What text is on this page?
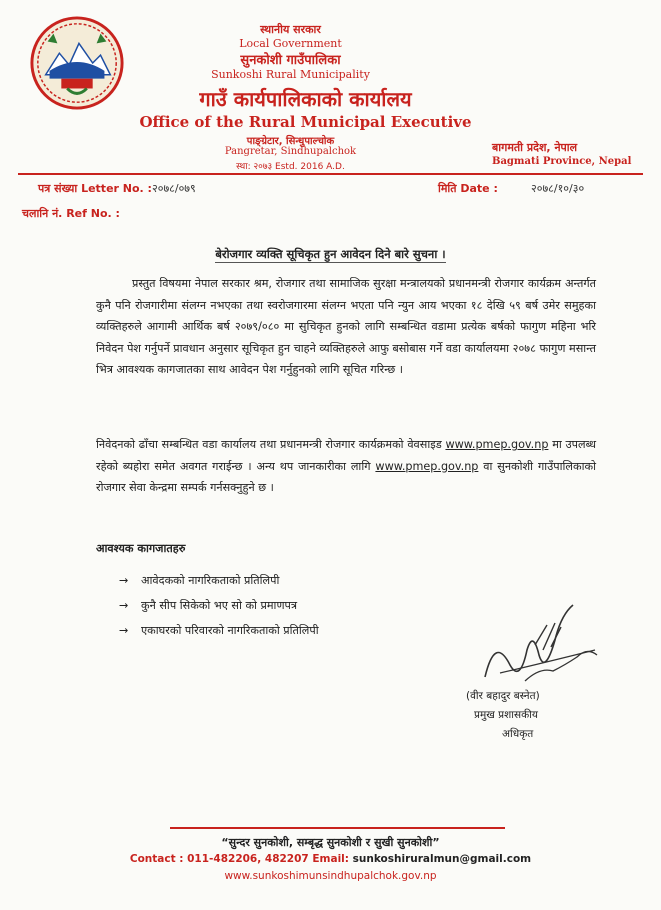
स्थानीय सरकार
Local Government
सुनकोशी गाउँपालिका
Sunkoshi Rural Municipality
गाउँ कार्यपालिकाको कार्यालय
Office of the Rural Municipal Executive
पाङ्ग्रेटार, सिन्धुपाल्चोक
Pangretar, Sindhupalchok
स्था: २०७३ Estd. 2016 A.D.
बागमती प्रदेश, नेपाल
Bagmati Province, Nepal
पत्र संख्या Letter No. : २०७८/०७९	मिति Date :	२०७८/१०/३०
चलानि नं. Ref No. :
बेरोजगार व्यक्ति सूचिकृत हुन आवेदन दिने बारे सुचना ।
प्रस्तुत विषयमा नेपाल सरकार श्रम, रोजगार तथा सामाजिक सुरक्षा मन्त्रालयको प्रधानमन्त्री रोजगार कार्यक्रम अन्तर्गत कुनै पनि रोजगारीमा संलग्न नभएका तथा स्वरोजगारमा संलग्न भएता पनि न्युन आय भएका १८ देखि ५९ बर्ष उमेर समुहका व्यक्तिहरुले आगामी आर्थिक बर्ष २०७९/०८० मा सुचिकृत हुनको लागि सम्बन्धित वडामा प्रत्येक बर्षको फागुण महिना भरि निवेदन पेश गर्नुपर्ने प्रावधान अनुसार सूचिकृत हुन चाहने व्यक्तिहरुले आफु बसोबास गर्ने वडा कार्यालयमा २०७८ फागुण मसान्त भित्र आवश्यक कागजातका साथ आवेदन पेश गर्नुहुनको लागि सूचित गरिन्छ ।
निवेदनको ढाँचा सम्बन्धित वडा कार्यालय तथा प्रधानमन्त्री रोजगार कार्यक्रमको वेवसाइड www.pmep.gov.np मा उपलब्ध रहेको ब्यहोरा समेत अवगत गराईन्छ । अन्य थप जानकारीका लागि www.pmep.gov.np वा सुनकोशी गाउँपालिकाको रोजगार सेवा केन्द्रमा सम्पर्क गर्नसक्नुहुने छ ।
आवश्यक कागजातहरु
→ आवेदकको नागरिकताको प्रतिलिपी
→ कुनै सीप सिकेको भए सो को प्रमाणपत्र
→ एकाघरको परिवारको नागरिकताको प्रतिलिपी
(वीर बहादुर बस्नेत)
प्रमुख प्रशासकीय
अधिकृत
“सुन्दर सुनकोशी, सम्बृद्ध सुनकोशी र सुखी सुनकोशी”
Contact : 011-482206, 482207 Email: sunkoshiruralmun@gmail.com
www.sunkoshimunsindhupalchok.gov.np
